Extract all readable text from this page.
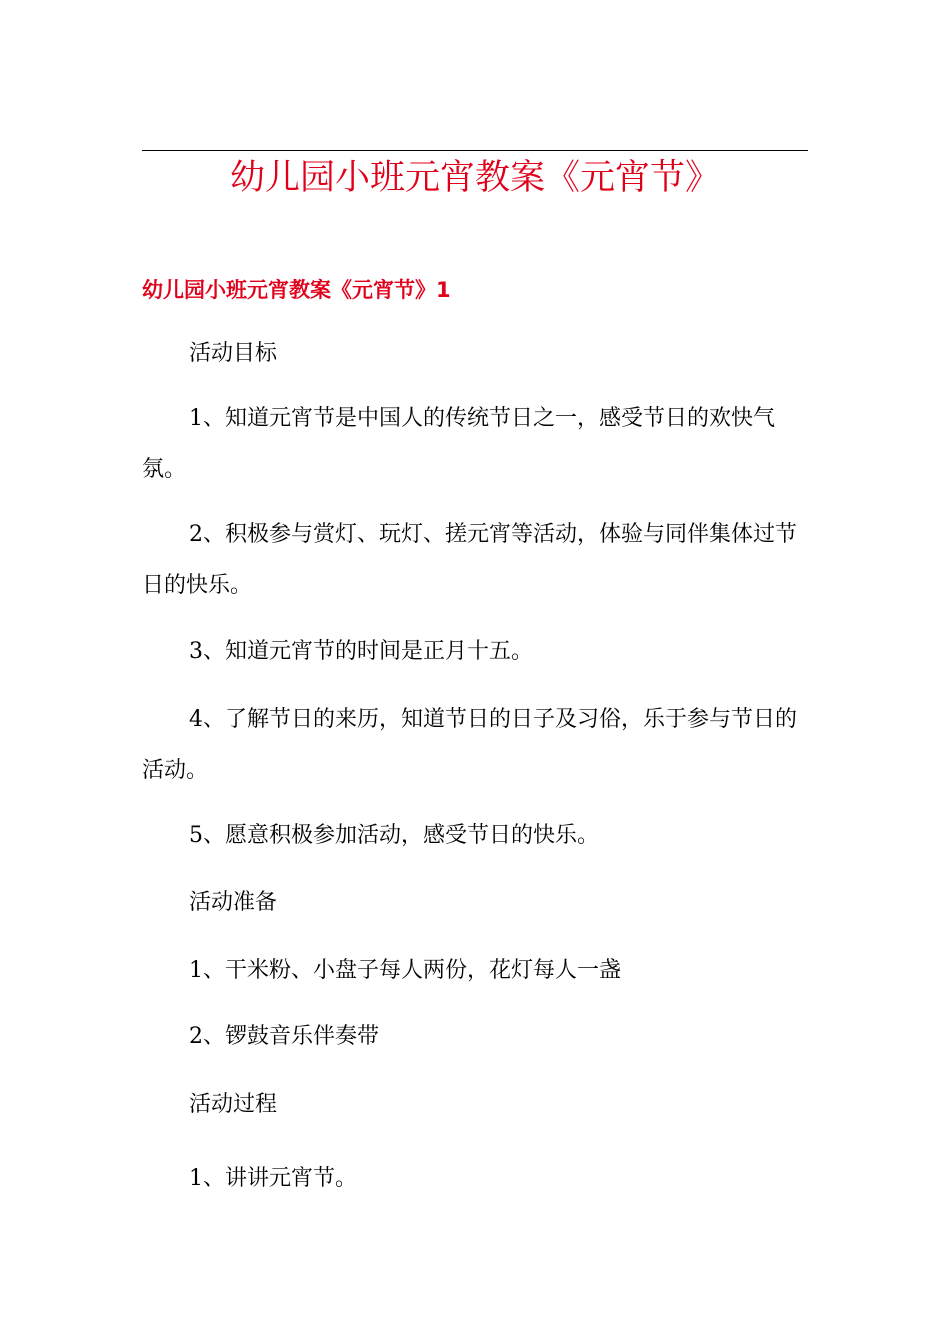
幼儿园小班元宵教案《元宵节》
幼儿园小班元宵教案《元宵节》1

活动目标

1、知道元宵节是中国人的传统节日之一，感受节日的欢快气氛。

2、积极参与赏灯、玩灯、搓元宵等活动，体验与同伴集体过节日的快乐。

3、知道元宵节的时间是正月十五。

4、了解节日的来历，知道节日的日子及习俗，乐于参与节日的活动。

5、愿意积极参加活动，感受节日的快乐。

活动准备

1、干米粉、小盘子每人两份，花灯每人一盏

2、锣鼓音乐伴奏带

活动过程

1、讲讲元宵节。
